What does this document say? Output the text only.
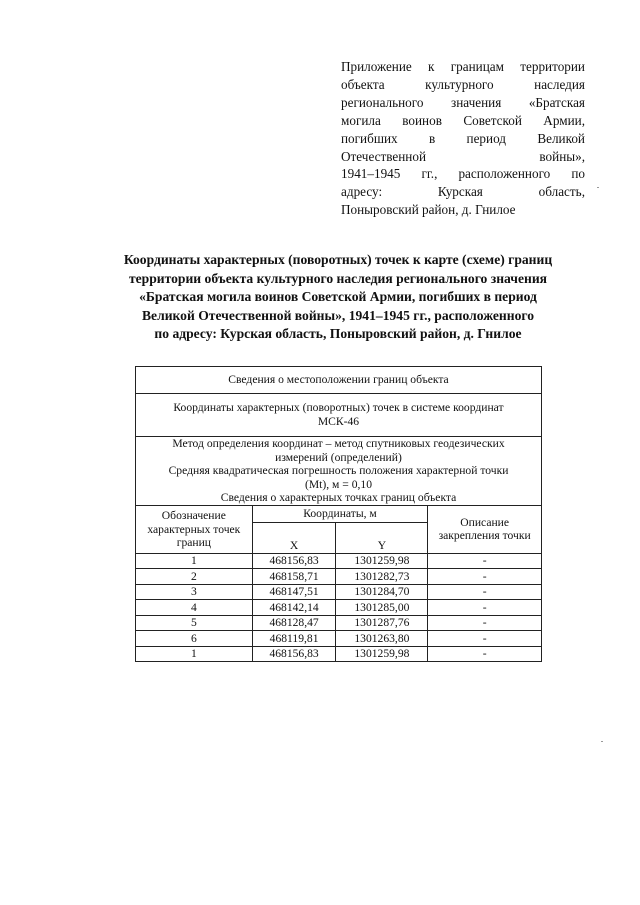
Приложение к границам территории
объекта культурного наследия
регионального значения «Братская
могила воинов Советской Армии,
погибших в период Великой
Отечественной войны»,
1941–1945 гг., расположенного по
адресу: Курская область,
Поныровский район, д. Гнилое
Координаты характерных (поворотных) точек к карте (схеме) границ
территории объекта культурного наследия регионального значения
«Братская могила воинов Советской Армии, погибших в период
Великой Отечественной войны», 1941–1945 гг., расположенного
по адресу: Курская область, Поныровский район, д. Гнилое
Сведения о местоположении границ объекта			

Координаты характерных (поворотных) точек в системе координат
МСК-46			

Метод определения координат – метод спутниковых геодезических
измерений (определений)
Средняя квадратическая погрешность положения характерной точки
(Mt), м = 0,10
Сведения о характерных точках границ объекта			

Обозначение характерных точек границ	Координаты, м		Описание закрепления точки
	X	Y	
1	468156,83	1301259,98	-
2	468158,71	1301282,73	-
3	468147,51	1301284,70	-
4	468142,14	1301285,00	-
5	468128,47	1301287,76	-
6	468119,81	1301263,80	-
1	468156,83	1301259,98	-
